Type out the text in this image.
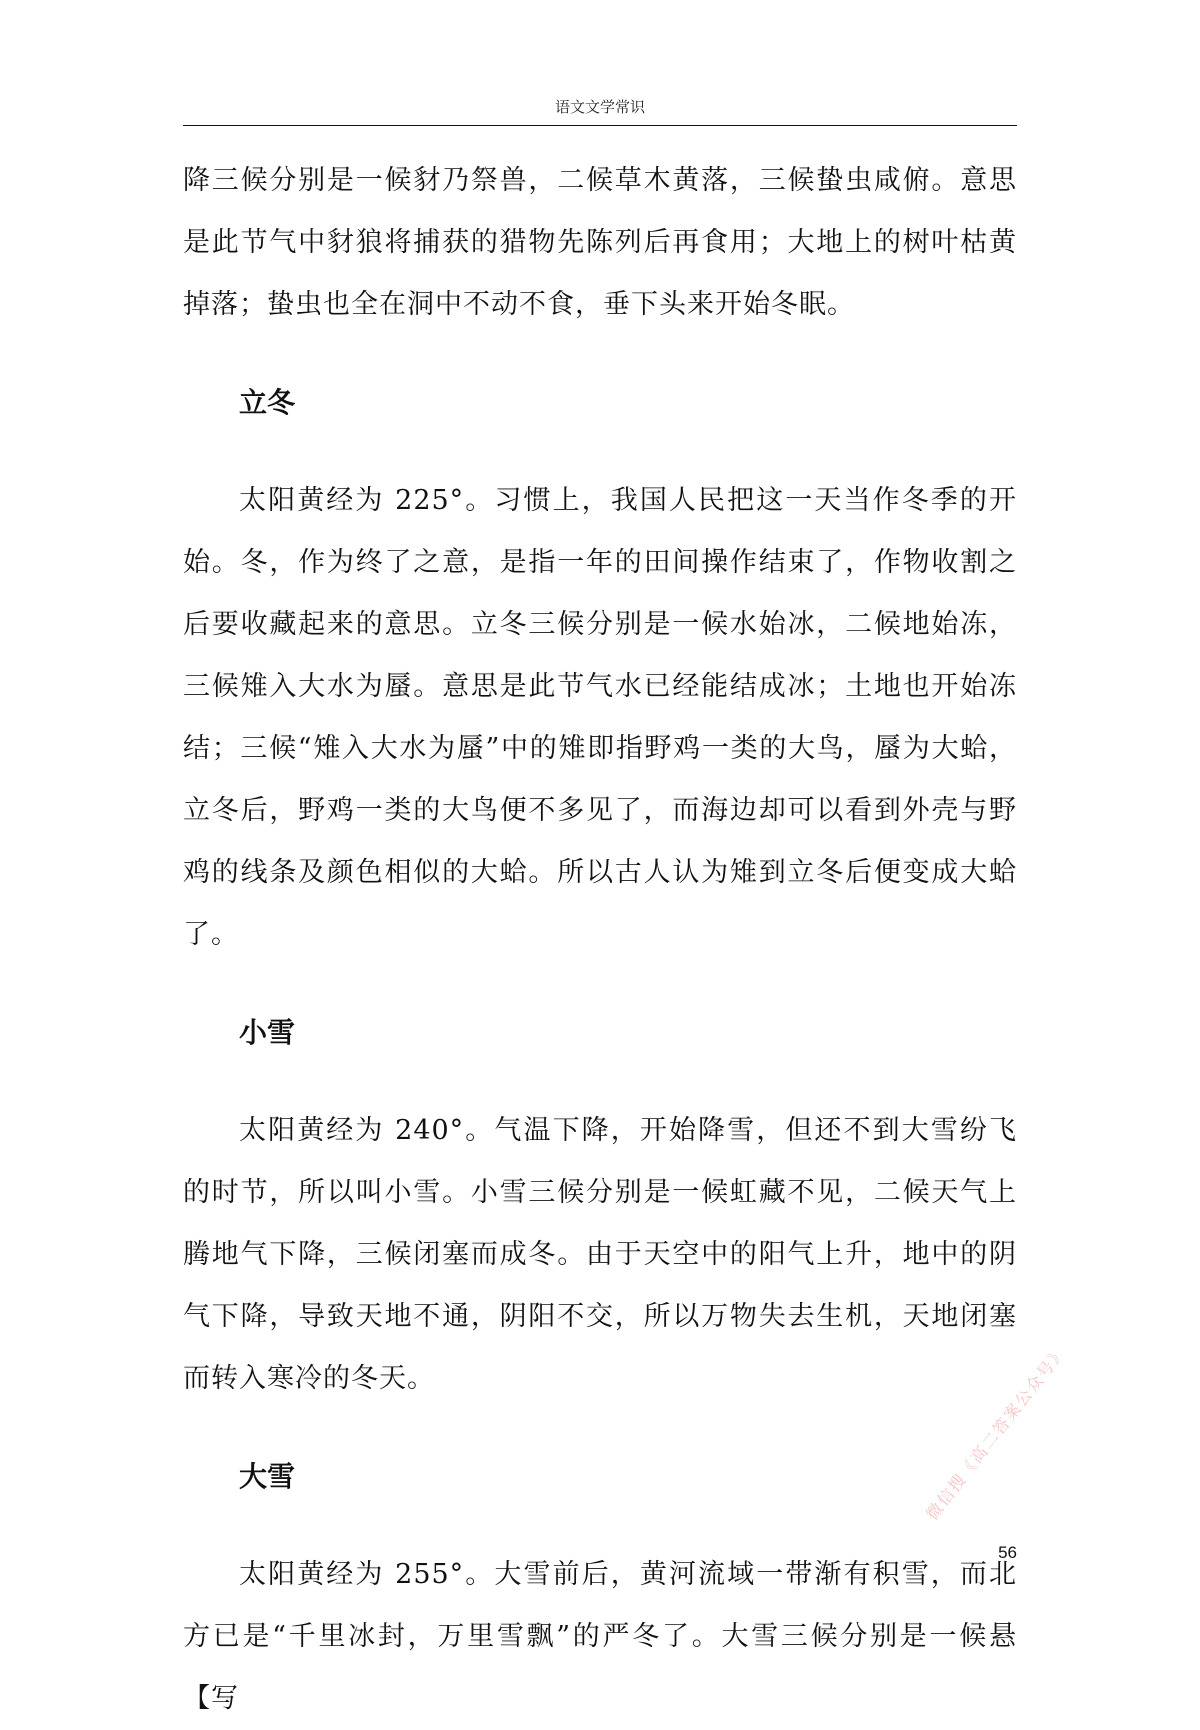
语文文学常识

降三候分别是一候豺乃祭兽，二候草木黄落，三候蛰虫咸俯。意思是此节气中豺狼将捕获的猎物先陈列后再食用；大地上的树叶枯黄掉落；蛰虫也全在洞中不动不食，垂下头来开始冬眠。

立冬

太阳黄经为 225°。习惯上，我国人民把这一天当作冬季的开始。冬，作为终了之意，是指一年的田间操作结束了，作物收割之后要收藏起来的意思。立冬三候分别是一候水始冰，二候地始冻，三候雉入大水为蜃。意思是此节气水已经能结成冰；土地也开始冻结；三候“雉入大水为蜃”中的雉即指野鸡一类的大鸟，蜃为大蛤，立冬后，野鸡一类的大鸟便不多见了，而海边却可以看到外壳与野鸡的线条及颜色相似的大蛤。所以古人认为雉到立冬后便变成大蛤了。

小雪

太阳黄经为 240°。气温下降，开始降雪，但还不到大雪纷飞的时节，所以叫小雪。小雪三候分别是一候虹藏不见，二候天气上腾地气下降，三候闭塞而成冬。由于天空中的阳气上升，地中的阴气下降，导致天地不通，阴阳不交，所以万物失去生机，天地闭塞而转入寒冷的冬天。

大雪

太阳黄经为 255°。大雪前后，黄河流域一带渐有积雪，而北方已是“千里冰封，万里雪飘”的严冬了。大雪三候分别是一候悬【写

微信搜《高二答案公众号》
56
